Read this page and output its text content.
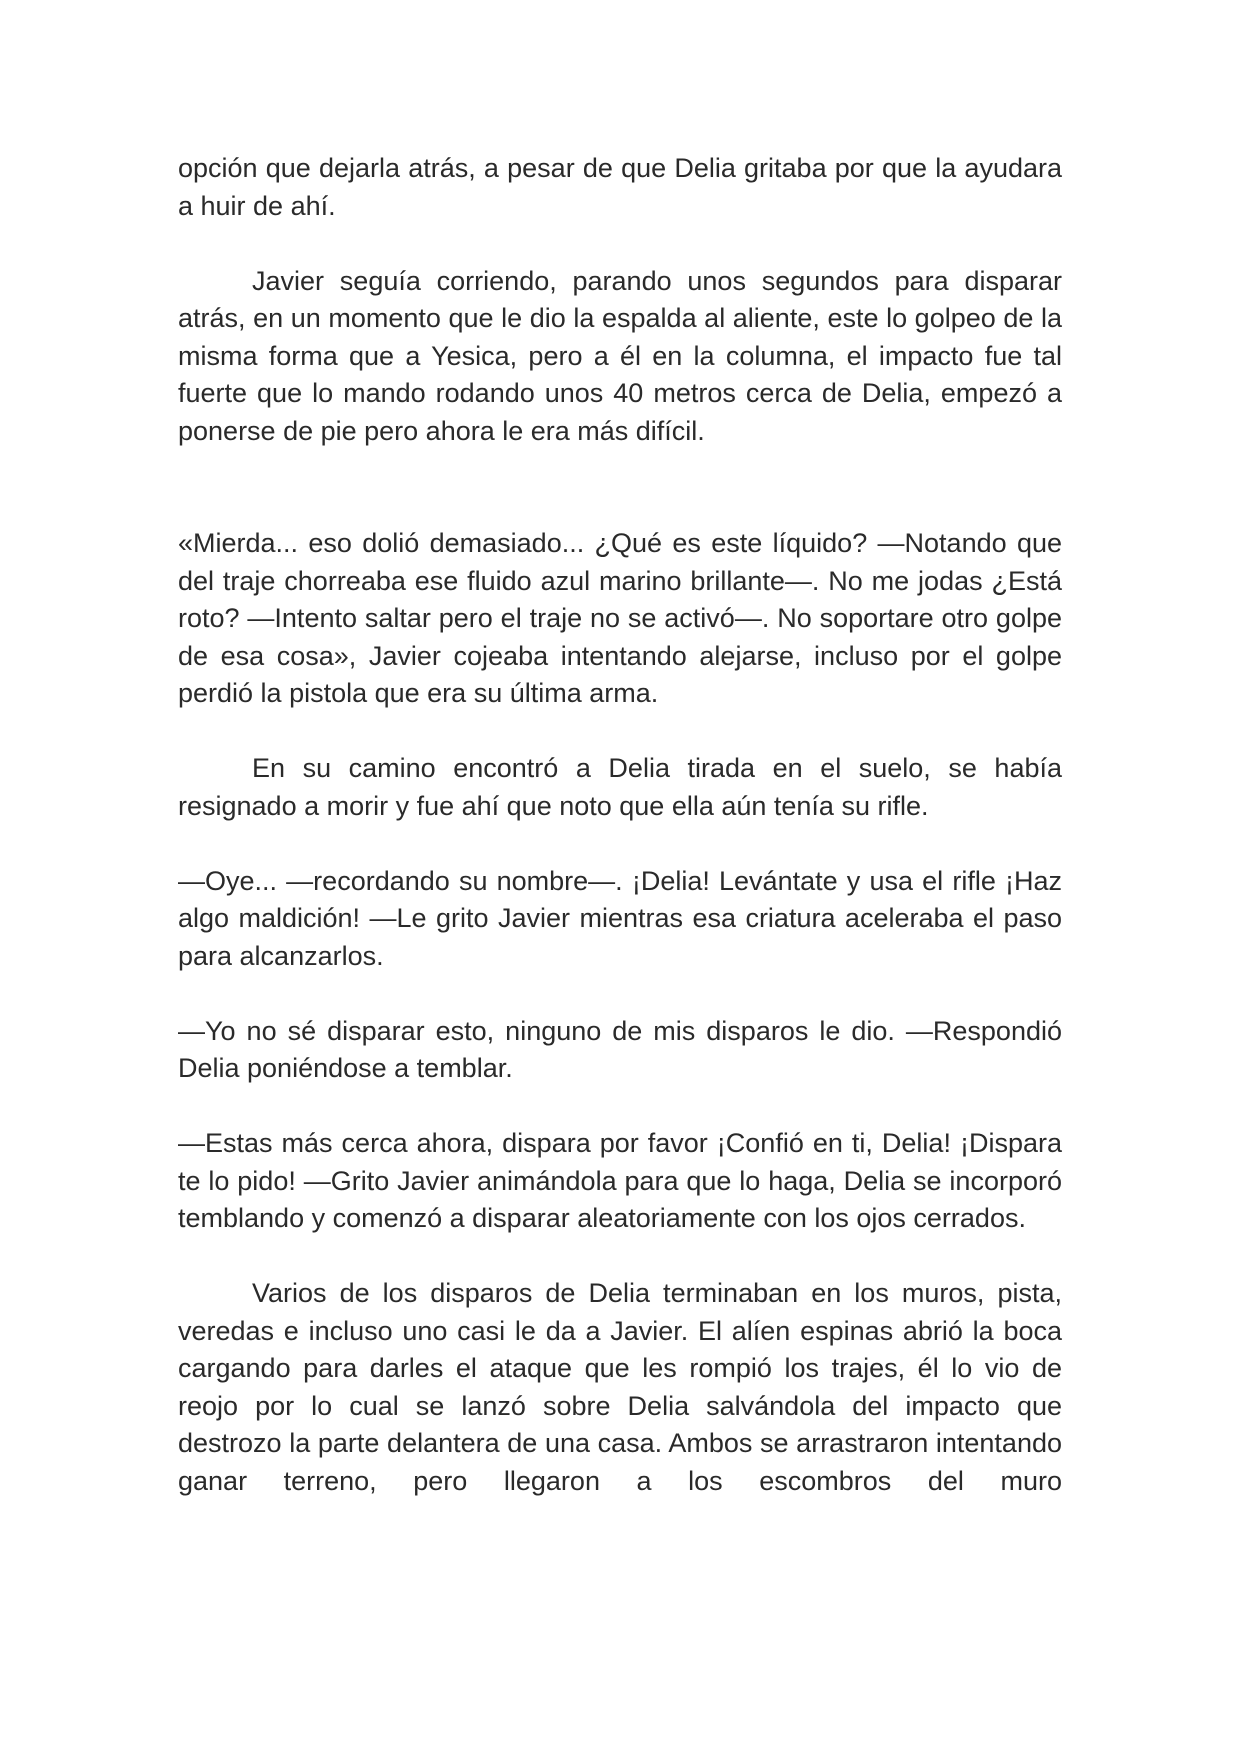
opción que dejarla atrás, a pesar de que Delia gritaba por que la ayudara a huir de ahí.

Javier seguía corriendo, parando unos segundos para disparar atrás, en un momento que le dio la espalda al aliente, este lo golpeo de la misma forma que a Yesica, pero a él en la columna, el impacto fue tal fuerte que lo mando rodando unos 40 metros cerca de Delia, empezó a ponerse de pie pero ahora le era más difícil.

«Mierda... eso dolió demasiado... ¿Qué es este líquido? —Notando que del traje chorreaba ese fluido azul marino brillante—. No me jodas ¿Está roto? —Intento saltar pero el traje no se activó—. No soportare otro golpe de esa cosa», Javier cojeaba intentando alejarse, incluso por el golpe perdió la pistola que era su última arma.

En su camino encontró a Delia tirada en el suelo, se había resignado a morir y fue ahí que noto que ella aún tenía su rifle.

—Oye... —recordando su nombre—. ¡Delia! Levántate y usa el rifle ¡Haz algo maldición! —Le grito Javier mientras esa criatura aceleraba el paso para alcanzarlos.

—Yo no sé disparar esto, ninguno de mis disparos le dio. —Respondió Delia poniéndose a temblar.

—Estas más cerca ahora, dispara por favor ¡Confió en ti, Delia! ¡Dispara te lo pido! —Grito Javier animándola para que lo haga, Delia se incorporó temblando y comenzó a disparar aleatoriamente con los ojos cerrados.

Varios de los disparos de Delia terminaban en los muros, pista, veredas e incluso uno casi le da a Javier. El alíen espinas abrió la boca cargando para darles el ataque que les rompió los trajes, él lo vio de reojo por lo cual se lanzó sobre Delia salvándola del impacto que destrozo la parte delantera de una casa. Ambos se arrastraron intentando ganar terreno, pero llegaron a los escombros del muro
